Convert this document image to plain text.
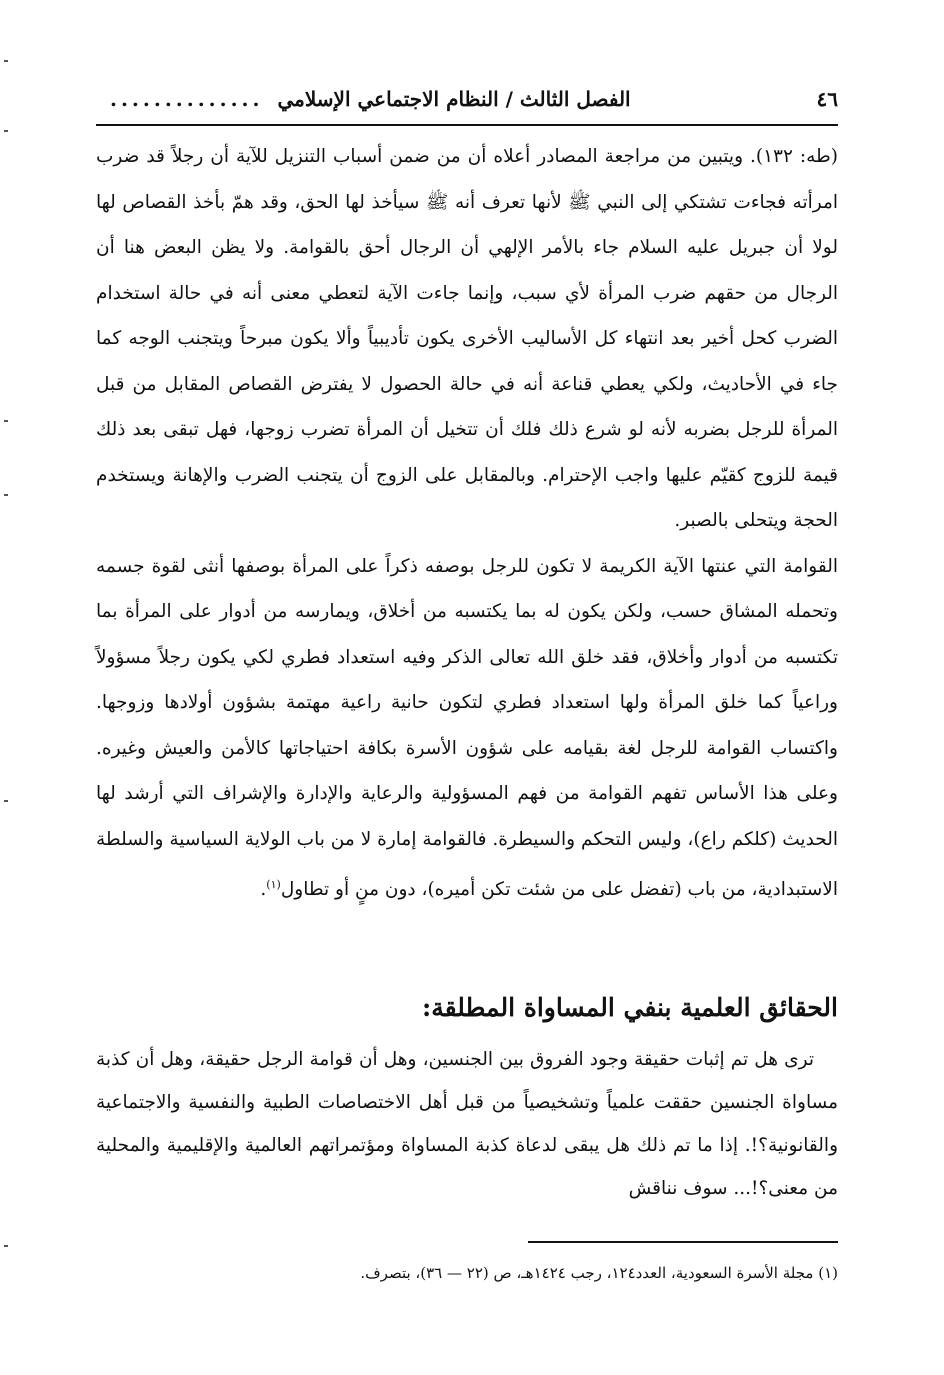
٤٦
الفصل الثالث / النظام الاجتماعي الإسلامي
..............

(طه: ١٣٢). ويتبين من مراجعة المصادر أعلاه أن من ضمن أسباب التنزيل للآية أن رجلاً قد ضرب امرأته فجاءت تشتكي إلى النبي ﷺ لأنها تعرف أنه ﷺ سيأخذ لها الحق، وقد همّ بأخذ القصاص لها لولا أن جبريل عليه السلام جاء بالأمر الإلهي أن الرجال أحق بالقوامة. ولا يظن البعض هنا أن الرجال من حقهم ضرب المرأة لأي سبب، وإنما جاءت الآية لتعطي معنى أنه في حالة استخدام الضرب كحل أخير بعد انتهاء كل الأساليب الأخرى يكون تأديبياً وألا يكون مبرحاً ويتجنب الوجه كما جاء في الأحاديث، ولكي يعطي قناعة أنه في حالة الحصول لا يفترض القصاص المقابل من قبل المرأة للرجل بضربه لأنه لو شرع ذلك فلك أن تتخيل أن المرأة تضرب زوجها، فهل تبقى بعد ذلك قيمة للزوج كقيّم عليها واجب الإحترام. وبالمقابل على الزوج أن يتجنب الضرب والإهانة ويستخدم الحجة ويتحلى بالصبر.

القوامة التي عنتها الآية الكريمة لا تكون للرجل بوصفه ذكراً على المرأة بوصفها أنثى لقوة جسمه وتحمله المشاق حسب، ولكن يكون له بما يكتسبه من أخلاق، ويمارسه من أدوار على المرأة بما تكتسبه من أدوار وأخلاق، فقد خلق الله تعالى الذكر وفيه استعداد فطري لكي يكون رجلاً مسؤولاً وراعياً كما خلق المرأة ولها استعداد فطري لتكون حانية راعية مهتمة بشؤون أولادها وزوجها. واكتساب القوامة للرجل لغة بقيامه على شؤون الأسرة بكافة احتياجاتها كالأمن والعيش وغيره. وعلى هذا الأساس تفهم القوامة من فهم المسؤولية والرعاية والإدارة والإشراف التي أرشد لها الحديث (كلكم راع)، وليس التحكم والسيطرة. فالقوامة إمارة لا من باب الولاية السياسية والسلطة الاستبدادية، من باب (تفضل على من شئت تكن أميره)، دون منٍ أو تطاول$^{(١)}$.

الحقائق العلمية بنفي المساواة المطلقة:

ترى هل تم إثبات حقيقة وجود الفروق بين الجنسين، وهل أن قوامة الرجل حقيقة، وهل أن كذبة مساواة الجنسين حققت علمياً وتشخيصياً من قبل أهل الاختصاصات الطبية والنفسية والاجتماعية والقانونية؟!. إذا ما تم ذلك هل يبقى لدعاة كذبة المساواة ومؤتمراتهم العالمية والإقليمية والمحلية من معنى؟!... سوف نناقش

(١) مجلة الأسرة السعودية، العدد١٢٤، رجب ١٤٢٤هـ، ص (٢٢ — ٣٦)، بتصرف.
